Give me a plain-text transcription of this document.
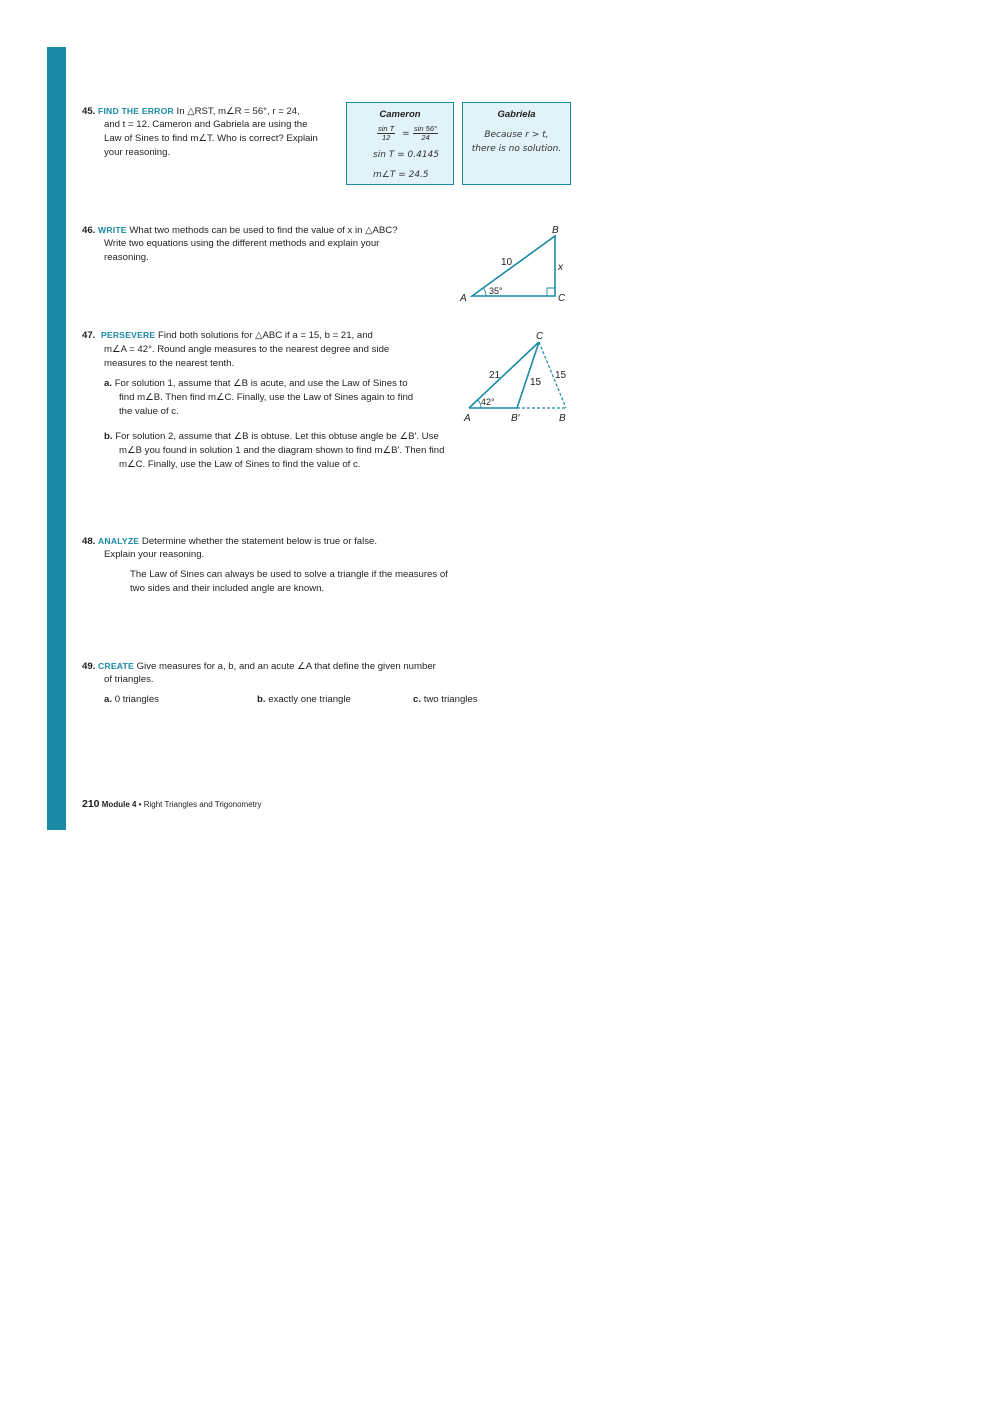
45. FIND THE ERROR In △RST, m∠R = 56°, r = 24,
and t = 12. Cameron and Gabriela are using the
Law of Sines to find m∠T. Who is correct? Explain
your reasoning.
Cameron
$\frac{\text{sin T}}{12} = \frac{\sin 56^\circ}{24}$
sin T = 0.4145
m∠T = 24.5
Gabriela
Because r > t,
there is no solution.
46. WRITE What two methods can be used to find the value of x in △ABC?
Write two equations using the different methods and explain your
reasoning.
A
B
C
10	x
35°
47. PERSEVERE Find both solutions for △ABC if a = 15, b = 21, and
m∠A = 42°. Round angle measures to the nearest degree and side
measures to the nearest tenth.
a. For solution 1, assume that ∠B is acute, and use the Law of Sines to
find m∠B. Then find m∠C. Finally, use the Law of Sines again to find
the value of c.
b. For solution 2, assume that ∠B is obtuse. Let this obtuse angle be ∠B′. Use
m∠B you found in solution 1 and the diagram shown to find m∠B′. Then find
m∠C. Finally, use the Law of Sines to find the value of c.
C
A	B′	B
21
15
15
42°
48. ANALYZE Determine whether the statement below is true or false.
Explain your reasoning.
The Law of Sines can always be used to solve a triangle if the measures of
two sides and their included angle are known.
49. CREATE Give measures for a, b, and an acute ∠A that define the given number
of triangles.
a. 0 triangles	b. exactly one triangle	c. two triangles
210 Module 4 • Right Triangles and Trigonometry
